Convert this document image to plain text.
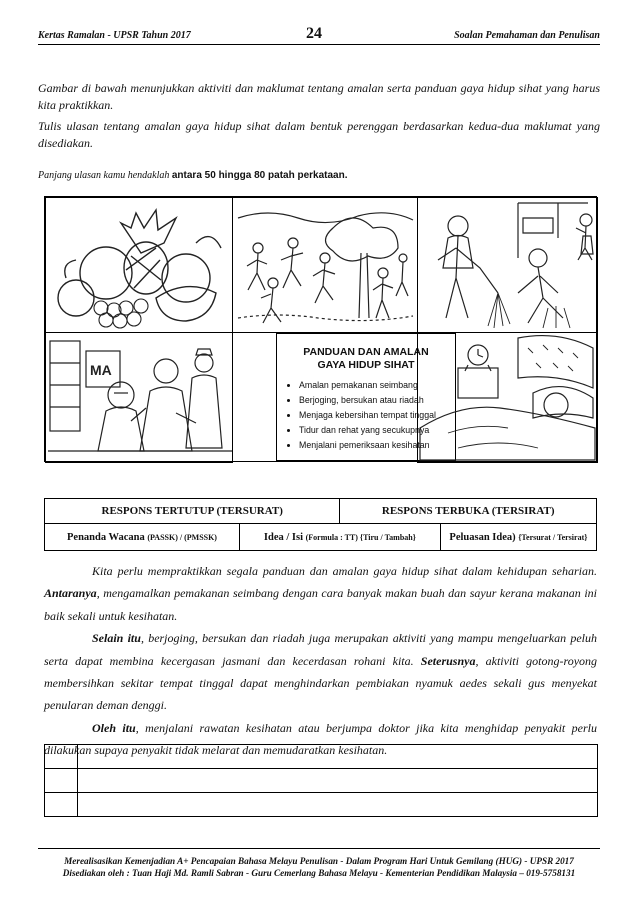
Kertas Ramalan - UPSR Tahun 2017	24	Soalan Pemahaman dan Penulisan
Gambar di bawah menunjukkan aktiviti dan maklumat tentang amalan serta panduan gaya hidup sihat yang harus kita praktikkan.
Tulis ulasan tentang amalan gaya hidup sihat dalam bentuk perenggan berdasarkan kedua-dua maklumat yang disediakan.
Panjang ulasan kamu hendaklah antara 50 hingga 80 patah perkataan.
MA
PANDUAN DAN AMALAN
GAYA HIDUP SIHAT
• Amalan pemakanan seimbang
• Berjoging, bersukan atau riadah
• Menjaga kebersihan tempat tinggal
• Tidur dan rehat yang secukupnya
• Menjalani pemeriksaan kesihatan
RESPONS TERTUTUP (TERSURAT)		RESPONS TERBUKA (TERSIRAT)	
Penanda Wacana (PASSK) / (PMSSK)	Idea / Isi (Formula : TT) {Tiru / Tambah}		Peluasan Idea) {Tersurat / Tersirat}

Kita perlu mempraktikkan segala panduan dan amalan gaya hidup sihat dalam kehidupan seharian. Antaranya, mengamalkan pemakanan seimbang dengan cara banyak makan buah dan sayur kerana makanan ini baik sekali untuk kesihatan.

Selain itu, berjoging, bersukan dan riadah juga merupakan aktiviti yang mampu mengeluarkan peluh serta dapat membina kecergasan jasmani dan kecerdasan rohani kita. Seterusnya, aktiviti gotong-royong membersihkan sekitar tempat tinggal dapat menghindarkan pembiakan nyamuk aedes sekali gus menyekat penularan deman denggi.

Oleh itu, menjalani rawatan kesihatan atau berjumpa doktor jika kita menghidap penyakit perlu dilakukan supaya penyakit tidak melarat dan memudaratkan kesihatan.

Merealisasikan Kemenjadian A+ Pencapaian Bahasa Melayu Penulisan - Dalam Program Hari Untuk Gemilang (HUG) - UPSR 2017
Disediakan oleh : Tuan Haji Md. Ramli Sabran - Guru Cemerlang Bahasa Melayu - Kementerian Pendidikan Malaysia – 019-5758131
